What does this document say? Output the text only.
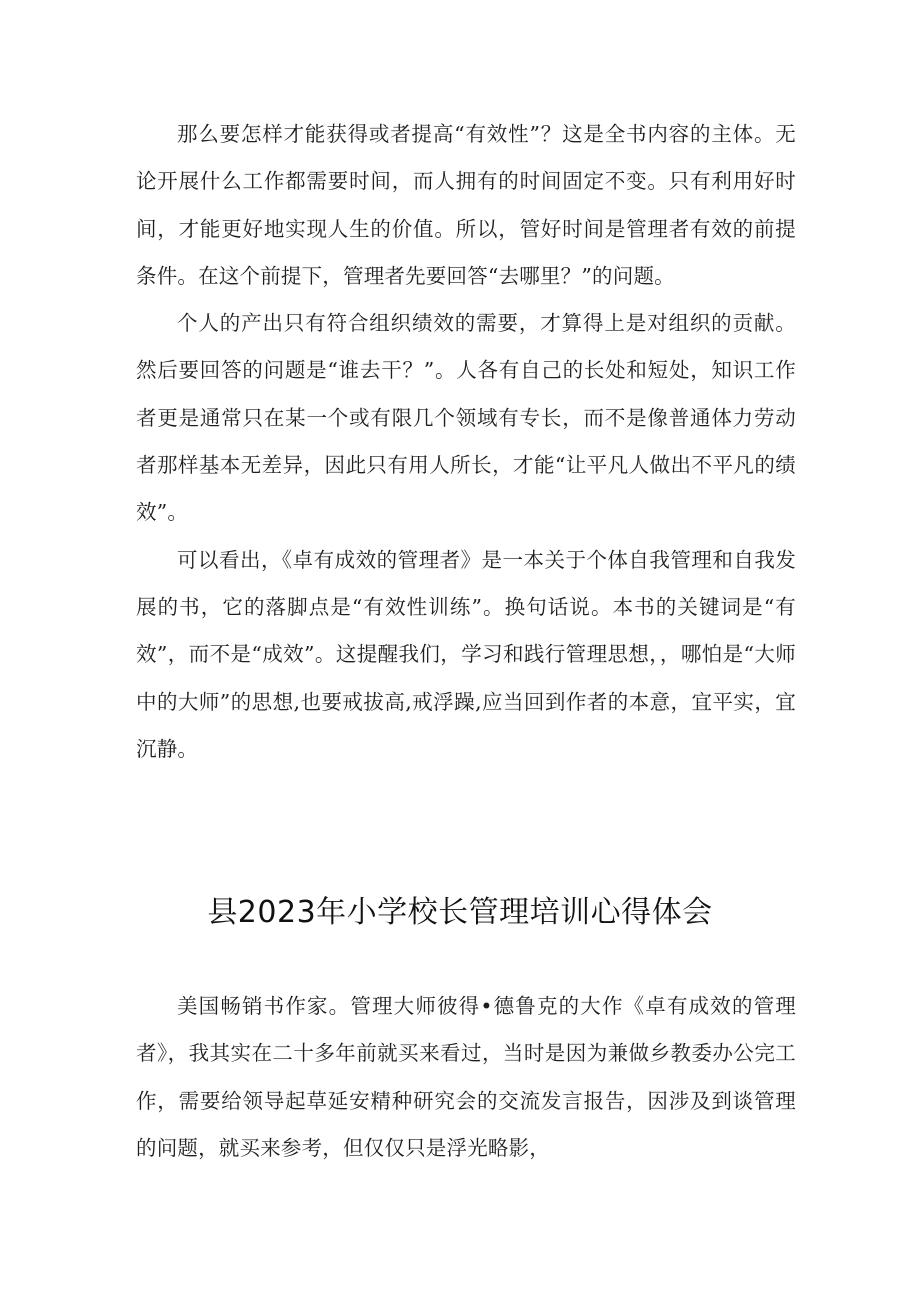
那么要怎样才能获得或者提高“有效性”？这是全书内容的主体。无论开展什么工作都需要时间，而人拥有的时间固定不变。只有利用好时间，才能更好地实现人生的价值。所以，管好时间是管理者有效的前提条件。在这个前提下，管理者先要回答“去哪里？”的问题。

个人的产出只有符合组织绩效的需要，才算得上是对组织的贡献。然后要回答的问题是“谁去干？”。人各有自己的长处和短处，知识工作者更是通常只在某一个或有限几个领域有专长，而不是像普通体力劳动者那样基本无差异，因此只有用人所长，才能“让平凡人做出不平凡的绩效”。

可以看出，《卓有成效的管理者》是一本关于个体自我管理和自我发展的书，它的落脚点是“有效性训练”。换句话说。本书的关键词是“有效”，而不是“成效”。这提醒我们，学习和践行管理思想，，哪怕是“大师中的大师”的思想,也要戒拔高,戒浮躁,应当回到作者的本意，宜平实，宜沉静。

县2023年小学校长管理培训心得体会

美国畅销书作家。管理大师彼得•德鲁克的大作《卓有成效的管理者》，我其实在二十多年前就买来看过，当时是因为兼做乡教委办公完工作，需要给领导起草延安精种研究会的交流发言报告，因涉及到谈管理的问题，就买来参考，但仅仅只是浮光略影，
